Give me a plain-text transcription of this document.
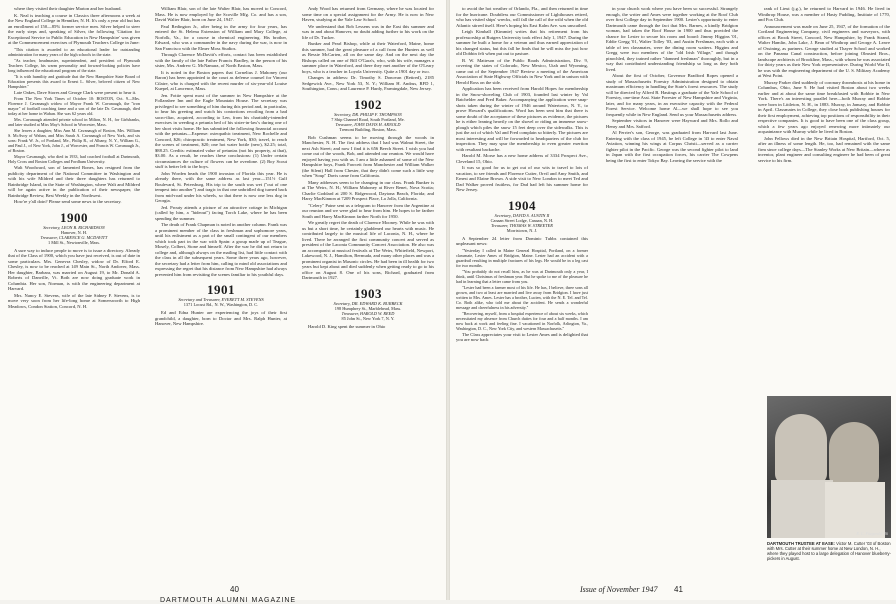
where they visited their daughter Marion and her husband.

K. Neal is teaching a course in Classics three afternoons a week at the New England College in Henniker, N. H. It's only a year old but has an enrollment of 150—85% former service men. Silver helped to steer the early steps and, speaking of Silver, the following 'Citation for Exceptional Service to Public Education in New Hampshire' was given at the Commencement exercises of Plymouth Teachers College in June:

"This citation is awarded to an educational leader for outstanding administration for many years of the high schools in the state.

"As teacher, headmaster, superintendent, and president of Plymouth Teachers College, his warm personality and forward-looking policies have long influenced the educational program of the state.

"It is with humility and gratitude that the New Hampshire State Board of Education presents this award to Ernest L. Silver, beloved citizen of New Hampshire."

Late Oakes, Dave Stores and George Clark were present to hear it.

From The New York Times of October 10: BOSTON, Oct. 9—Mrs. Florence J. Cavanaugh widow of Mayor Frank W. Cavanaugh, the "iron mayor" of football coaching fame and a son of the late Dr. Cavanaugh, died today at her home in Waban. She was 62 years old.

Mrs. Cavanaugh attended private school in Milton, N. H., for Girlsbanks, and later studied at Miss May's School in Worcester, Mass.

She leaves a daughter, Miss Ann M. Cavanaugh of Boston, Mrs. William S. McAvoy of Waban, and Miss Sarah A. Cavanaugh of New York, and six sons: Frank W. Jr., of Portland, Me., Philip R., of Albany, N. Y., William G., and Paul J., of New York, John J., of Worcester, and Francis W. Cavanaugh Jr., of Boston.

Mayor Cavanaugh, who died in 1933, had coached football at Dartmouth, Holy Cross and Boston Colleges and Fordham University.

Walt Woodward, son of lamented Bones, has resigned from the publicity department of the National Committee in Washington and with his wife Mildred and their three daughters has returned to Bainbridge Island, in the State of Washington, where Walt and Mildred will be again active in the publication of their newspaper, the Bainbridge Review, Best Weekly in the Northwest.

How're y'all doin? Please send some news to the secretary.

1900
Secretary, LEON B. RICHARDSON
Hanover, N. H.
Treasurer, CLARENCE G. MCDAVITT
1 Mill St., Newtonville, Mass.

A sure way to induce people to move is to issue a directory. Already that of the Class of 1900, which you have just received, is out of date in some particulars. Mrs. Genevra Chesley, widow of Dr. Elford E. Chesley, is now to be reached at 149 Main St., North Andover, Mass. Her daughter, Barbara, was married on August 19, to Mr. Donald A. Roberts of Danville, Vt. Both are now doing graduate work in Columbia. Her son, Norman, is with the engineering department at Harvard.

Mrs. Nancy E. Stevens, wife of the late Sidney F. Stevens, is to move very soon from her life-long home at Somersworth to High Meadows, Condon Station, Concord, N. H.

William Blair, son of the late Walter Blair, has moved to Concord, Mass. He is now employed by the Scoville Mfg. Co. and has a son, David Walter Blair, born on June 24, 1947.

Paul Redington Jr., after being in the army for four years, has entered the St. Helena Extension of William and Mary College, at Norfolk, Va., for a course in chemical engineering. His brother, Edward, who was a commander in the navy during the war, is now in San Francisco with the Elmer Moss Studios.

Through Clarence McDavitt's efforts, contact has been established with the family of the late Father Francis Bradley, in the person of his sister, Mrs. Andrew G. McNamara, of North Easton, Mass.

It is noted in the Boston papers that Cornelius J. Mahoney (our Baron) has been appointed to the court as defense counsel for Vincent Cilaire, who is charged with the recent murder of six-year-old Louise Kuepel, at Lawrence, Mass.

Jen. Fottie spent most of the summer in New Hampshire at the Follansbee Inn and the Eagle Mountain House. The secretary was privileged to see something of him during this period and, in particular, to hear his greeting and watch his contortions recoiling from a bad sacro-iliac, acquired, according to Len, from his charitably-intended exercises in weeding a petunia bed of his sister-in-law's during one of her short visits home. He has submitted the following financial account with the petunias—Expense: osteopathic treatment, New Rochelle and Concord, $26; chiropractic treatment, New York, $30; travel, to reach the scenes of treatment, $20; one hot water bottle (new), $2.25; total, $88.25. Credits: estimated value of petunias (not his property, at that), $3.00. As a result, he reaches these conclusions: (1) Under certain circumstances the culture of flowers can be overdone. (2) Boy Scout stuff is better left to the boys.

John Worden heads the 1900 invasion of Florida this year. He is already there, with the same address as last year—151½ Gulf Boulevard, St. Petersburg. His trip to the south was wet ("out of one tempest into another") and tragic in that one unbridled dog turned back from mid-road under his wheels, so that there is now one less dog in Georgia.

Jed. Prouty attends a picture of an attractive cottage in Michigan (called by him, a "hideout") facing Torch Lake, where he has been spending the summer.

The death of Frank Chapman is noted in another column. Frank was a prominent member of the class in freshman and sophomore years, until his enlistment as a part of the small contingent of our members which took part in the war with Spain: a group made up of Teague, Mosely, Colbert, Stone and himself. After the war he did not return to college and, although always on the mailing list, had little contact with the class in all the subsequent years. Some three years ago, however, the secretary had a letter from him, calling to mind old associations and expressing the regret that his distance from New Hampshire had always prevented him from revisiting the scenes familiar to his youthful days.

1901
Secretary and Treasurer, EVERETT M. STEVENS
1371 Locust Rd., N. W., Washington, D. C.

Ed and Edna Hunter are experiencing the joys of their first grandchild, a daughter, born to Doctor and Mrs. Ralph Hunter, at Hanover, New Hampshire.

Andy Wood has returned from Germany, where he was located for some time on a special assignment for the Army. He is now in New Haven, studying at the Yale Law School.

We understand that Bob Lessens was in the East this summer and was in and about Hanover, no doubt adding further to his work on the life of Dr. Tucker.

Bunker and Pearl Bishop, while at their Waterford, Maine, home this summer, had the great pleasure of a call from the Hunters as well as Bessie McCarten, all on the same day. And on the next day the Bishops called on one of Bill O'Gara's, who, with his wife, manages a summer place in Waterford, and there they met another of the O'Leary boys, who is a teacher in Loyola University. Quite a 1901 day or two.

Changes in address: Dr. Timothy S. Donovan (Retired), 2185 Sedgewick Ave., New York 53, N. Y.; William H. Andrus, RFD 1, Southington, Conn.; and Laurence P. Hardy, Farmingdale, New Jersey.

1902
Secretary, DR. PHILIP F. THOMPSON
7 Ship Channel Road, South Portland, Me.
Treasurer, JOHN DAVIS H. ARNOLD
Tremont Building, Boston, Mass.

Bob Cushman seems to be moving through the woods in Manchester, N. H. The first address that I had was Walnut Street, the next Ash Street; and now I find it is 656 Beech Street. I wish you had come out of the woods, Bob, and attended our reunion. We would have enjoyed having you with us. I am a little ashamed of some of the New Hampshire boys, Frank Fawcett from Manchester and William Walker (the Silent) Hall from Chester, that they didn't come such a little way when "Soup" Davis came from California.

Many addresses seem to be changing in our class. Frank Bunker is at The Weirs, N. H.; William Mahoney at River Benet, Nova Scotia; Charlie Goddard at 200 S. Ridgewood, Daytona Beach, Florida; and Harry MacKinnon at 7209 Prospect Place, La Jolla, California.

"Celery" Paine sent us a telegram to Hanover from the Argentine at our reunion and we were glad to hear from him. He hopes to be farther South and Harry MacKinnon farther North for 1950.

We greatly regret the death of Clarence Mooney. While he was with us but a short time, he certainly gladdened our hearts with music. He contributed largely to the musical life of Laconia, N. H., where he lived. There he arranged the first community concert and served as president of the Laconia Community Concert Association. He also was an accompanist at musical festivals at The Weirs, Whitefield, Newport, Lakewood, N. J., Hamilton, Bermuda, and many other places and was a prominent organist in Masonic circles. He had been in ill health for two years but kept about and died suddenly when getting ready to go to his office on August 8. One of his sons, Richard, graduated from Dartmouth in 1927.

1903
Secretary, DR. EDWARD K. BURBECK
198 Humphrey St., Marblehead, Mass.
Treasurer, HAROLD W. REED
85 John St., New York 7, N. Y.

Harold D. King spent the summer in Ohio

40
DARTMOUTH ALUMNI MAGAZINE

to avoid the hot weather of Orlando, Fla., and then returned in time for the hurricane. Doubtless our Commissioner of Lighthouses retired, who has visited ships' wrecks, will fall the call of the wild when the old Atlantic stirred itself. Here's hoping his East Kalm Ave. was unscathed.

Leigh Kimball (Kimmie) writes that his retirement from his professorship at Rutgers University took effect July 1, 1947. During the summer he built a home for a veteran and thus earned appreciation of his changed status, but this fall he finds that he will miss the just how old Dobbin felt when put out to pasture.

B. W. Matteson of the Public Roads Administration, Div. 9, covering the states of Colorado, New Mexico, Utah and Wyoming, came out of the September 1947 Review a meeting of the American Association of State Highway Officials in New York and in unison with Herold Ross on the side.

Application has been received from Harold Hopes for membership in the Snow-shoveling Club of 1903, founded last winter by Val Batchelder and Fred Baker. Accompanying the application were snap-shots taken during the winter of 1946 around Watertown, N. Y., to prove Howard's qualifications. Word has been sent him that there is some doubt of the acceptance of these pictures as evidence, the pictures he is either leaning heavily on the shovel or riding an immense snow-plough which piles the snow 15 feet deep over the sidewalks. This is just the act of which Val and Fred complain so bitterly. The pictures are most interesting and will be forwarded to headquarters of the club for inspection. They may spur the membership to even greater exertion with resultant backache.

Harold M. Morse has a new home address of 3334 Prospect Ave., Cleveland 15, Ohio.

It was so good for us to get out of our wits to travel to lots of vacation, to see friends and Florence Cutter, Orvil and Amy Smith, and Ernest and Elaine Brown. A side visit to New London to meet Ted and Dad Walker proved fruitless, for Dad had left his summer home for New Jersey.

1904
Secretary, DAVID S. AUSTIN II
Canaan Street Lodge, Canaan, N. H.
Treasurer, THOMAS W. STREETER
Morristown, N. J.

A September 24 letter from Dominic Tubbs contained this unpleasant news:

"Yesterday I called in Maine General Hospital, Portland, on a former classmate, Lester Ames of Bridgton, Maine. Lester had an accident with a guardrail resulting in multiple fractures of his legs. He would be in a leg cast for two months.

"You probably do not recall him, as he was at Dartmouth only a year, I think, until Christmas of freshman year. But he spoke to me of the pleasure he had in learning that a letter came from you.

"Lester had been a farmer most of his life. He has, I believe, three sons all grown, and two at least are married and live away from Bridgton. I have just written to Mrs. Ames. Lester has a brother, Lucien, with the N. E. Tel. and Tel. Co. Both alike, who told me about the accident. He sends a wonderful message and cheerfulness in his adversity."

"Recovering, myself, from a hospital experience of about six weeks, which necessitated my absence from Church duties for four and a half months. I am now back at work and feeling fine. I vacationed in Norfolk, Arlington, Va., Washington, D. C., New York City, and western Massachusetts."

The Class appreciates your visit to Lester Ames and is delighted that you are now back

in your church work where you have been so successful. Strangely enough, the writer and Ames were together working at the Roof Club over first College day in September 1900. Lester's opportunity to enter Dartmouth came through the fact that Mrs. Barnes, a kindly Bridgton woman, had taken the Roof House in 1900 and thus provided the chance for Lester to secure his room and board: Jimmy Higgins '01, Eddie Gregg '01, Walter Tolley '03, and Austin Freshman, each with a table of ten classmates, were the dining room waiters. Higgins and Gregg were two members of the "old Irish Village," and though pinochled, they trained rather "damned freshman" thoroughly, but in a way that contributed understanding friendship so long as they both lived.

About the first of October, Governor Bradford Ropes opened a study of Massachusetts Forestry Administration designed to obtain maximum efficiency in handling the State's forest resources. The study will be directed by Alfred B. Hastings a graduate of the Yale School of Forestry, one-time Asst. State Forester of New Hampshire and Virginia, later, and for many years, in an executive capacity with the Federal Forest Service. Welcome home Al—we shall hope to see you frequently while in New England. Send us your Massachusetts address.

September visitors in Hanover were Hayward and Mrs. Rollo and Henry and Mrs. Safford.

Al Ferrier's son, George, was graduated from Harvard last June. Entering with the class of 1945, he left College in '43 to enter Naval Aviation, winning his wings at Corpus Christi—served as a carrier fighter pilot in the Pacific. George was the second fighter pilot to land in Japan with the first occupation forces, his carrier The Cowpens being the first to enter Tokyo Bay. Leaving the service with the

rank of Lieut (j.g.), he returned to Harvard in 1946. He lived in Winthrop House, was a member of Hasty Pudding, Institute of 1770, and Fox Club.

Announcement was made on June 25, 1947, of the formation of the Cortland Engineering Company, civil engineers and surveyors, with offices at Brook Street, Concord, New Hampshire, by Frank Strand, Walter Hamlin, John Lake, J. Bean of Winthrop and George A. Leave of Ossining, as partners. George studied at Thayer School and worked on the Panama Canal construction, before joining Olmsted Bros., landscape architects of Brookline, Mass., with whom he was associated for thirty years as their New York representative. During World War II, he was with the engineering department of the U. S. Military Academy at West Point.

Murray Parker died suddenly of coronary thrombosis at his home in Columbus, Ohio, June 9. He had visited Boston about two weeks earlier and at about the same time breakfasted with Robbie in New York. There's an interesting parallel here—both Murray and Robbie were born in Littleton, N. H., in 1883. Murray, in January, and Robbie in April. Classmates in College, they close book publishing houses for their first employment, achieving top positions of responsibility in their respective companies. It is good to have been one of the class group, which a few years ago enjoyed renewing more intimately our acquaintance with Murray while he lived in Boston.

John Fellows died in the New Britain Hospital, Hartford, Oct. 5, after an illness of some length. He, too, had remained with the same firm since college days—The Stanley Works at New Britain—where as inventor, plant engineer and consulting engineer he had been of great service to his firm.

Issue of November 1947 41
R. C. Fitzgerald '36
DARTMOUTH TRUSTEE AT EASE: Victor M. Cutter '03 of Boston with Mrs. Cutter at their summer home at New London, N. H., where they played host to a large delegation of Hanover blueberry-pickers in August.
